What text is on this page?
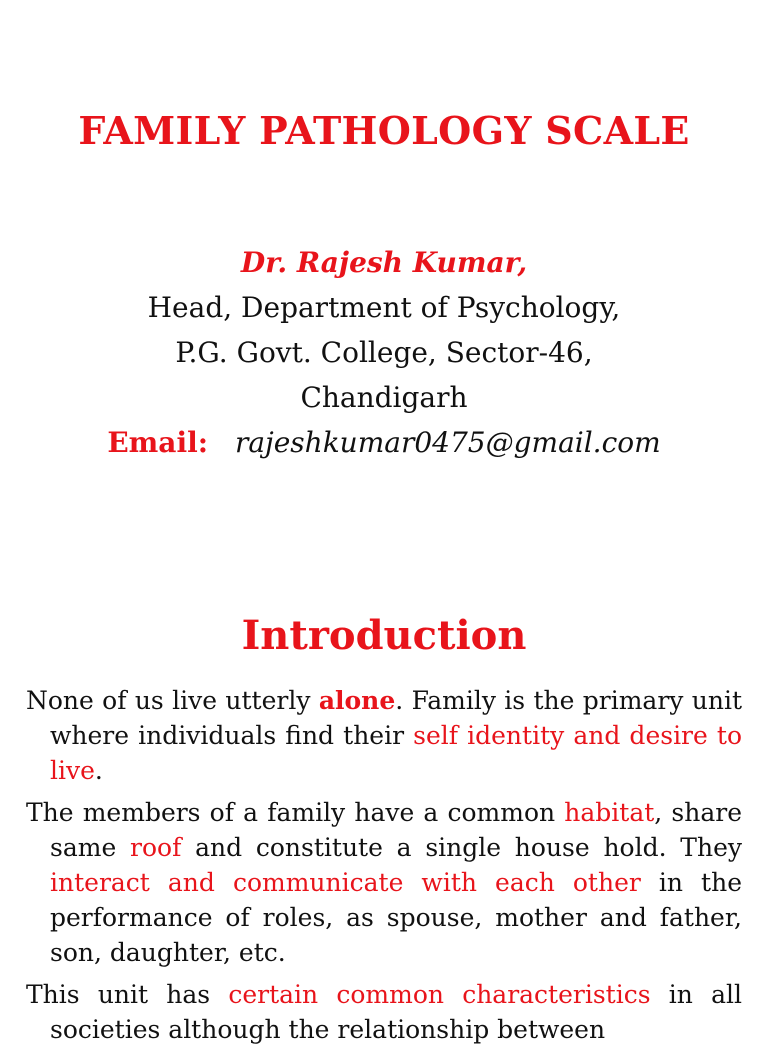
FAMILY PATHOLOGY SCALE
Dr. Rajesh Kumar,
Head, Department of Psychology,
P.G. Govt. College, Sector-46,
Chandigarh
Email: rajeshkumar0475@gmail.com
Introduction

None of us live utterly alone. Family is the primary unit where individuals find their self identity and desire to live.

The members of a family have a common habitat, share same roof and constitute a single house hold. They interact and communicate with each other in the performance of roles, as spouse, mother and father, son, daughter, etc.

This unit has certain common characteristics in all societies although the relationship between
